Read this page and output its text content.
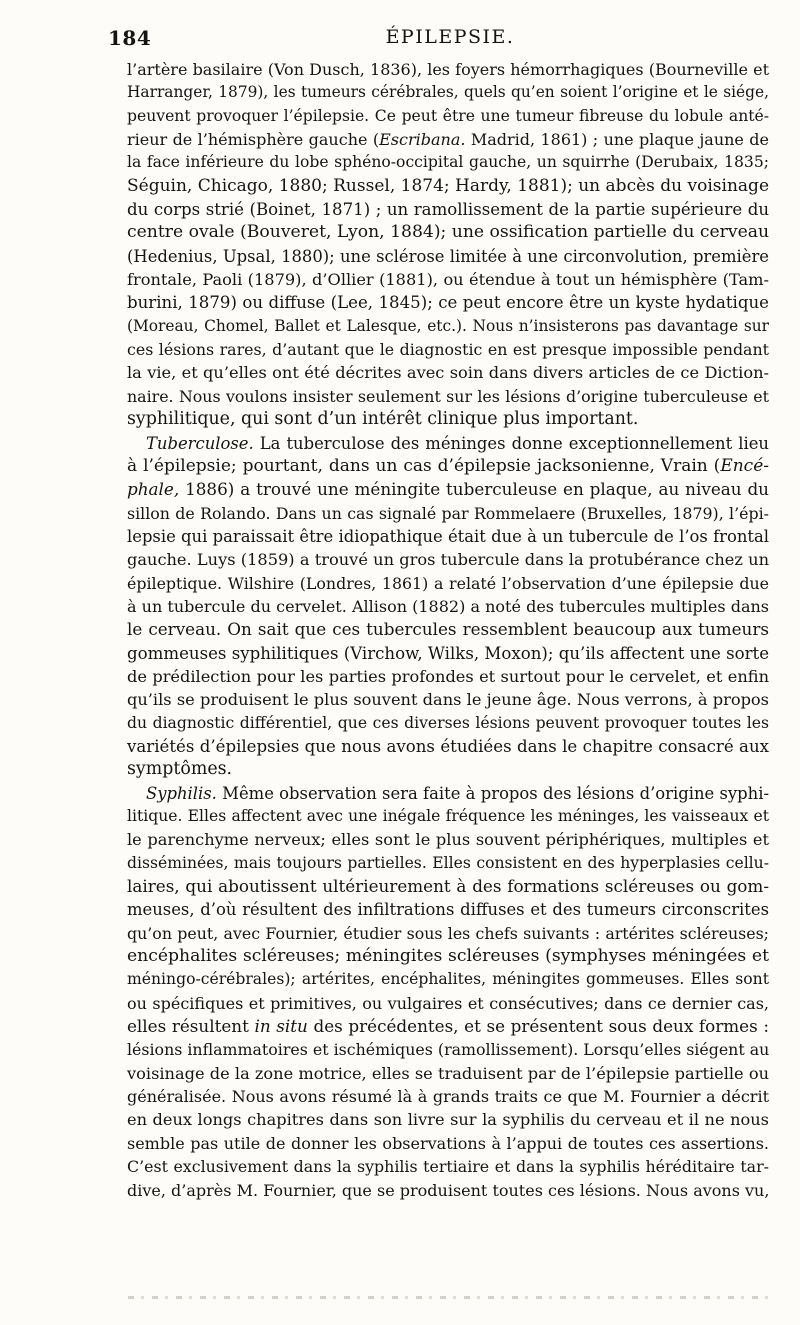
184	ÉPILEPSIE.
l’artère basilaire (Von Dusch, 1836), les foyers hémorrhagiques (Bourneville et
Harranger, 1879), les tumeurs cérébrales, quels qu’en soient l’origine et le siége,
peuvent provoquer l’épilepsie. Ce peut être une tumeur fibreuse du lobule anté-
rieur de l’hémisphère gauche (Escribana. Madrid, 1861) ; une plaque jaune de
la face inférieure du lobe sphéno-occipital gauche, un squirrhe (Derubaix, 1835;
Séguin, Chicago, 1880; Russel, 1874; Hardy, 1881); un abcès du voisinage
du corps strié (Boinet, 1871) ; un ramollissement de la partie supérieure du
centre ovale (Bouveret, Lyon, 1884); une ossification partielle du cerveau
(Hedenius, Upsal, 1880); une sclérose limitée à une circonvolution, première
frontale, Paoli (1879), d’Ollier (1881), ou étendue à tout un hémisphère (Tam-
burini, 1879) ou diffuse (Lee, 1845); ce peut encore être un kyste hydatique
(Moreau, Chomel, Ballet et Lalesque, etc.). Nous n’insisterons pas davantage sur
ces lésions rares, d’autant que le diagnostic en est presque impossible pendant
la vie, et qu’elles ont été décrites avec soin dans divers articles de ce Diction-
naire. Nous voulons insister seulement sur les lésions d’origine tuberculeuse et
syphilitique, qui sont d’un intérêt clinique plus important.
Tuberculose. La tuberculose des méninges donne exceptionnellement lieu
à l’épilepsie; pourtant, dans un cas d’épilepsie jacksonienne, Vrain (Encé-
phale, 1886) a trouvé une méningite tuberculeuse en plaque, au niveau du
sillon de Rolando. Dans un cas signalé par Rommelaere (Bruxelles, 1879), l’épi-
lepsie qui paraissait être idiopathique était due à un tubercule de l’os frontal
gauche. Luys (1859) a trouvé un gros tubercule dans la protubérance chez un
épileptique. Wilshire (Londres, 1861) a relaté l’observation d’une épilepsie due
à un tubercule du cervelet. Allison (1882) a noté des tubercules multiples dans
le cerveau. On sait que ces tubercules ressemblent beaucoup aux tumeurs
gommeuses syphilitiques (Virchow, Wilks, Moxon); qu’ils affectent une sorte
de prédilection pour les parties profondes et surtout pour le cervelet, et enfin
qu’ils se produisent le plus souvent dans le jeune âge. Nous verrons, à propos
du diagnostic différentiel, que ces diverses lésions peuvent provoquer toutes les
variétés d’épilepsies que nous avons étudiées dans le chapitre consacré aux
symptômes.
Syphilis. Même observation sera faite à propos des lésions d’origine syphi-
litique. Elles affectent avec une inégale fréquence les méninges, les vaisseaux et
le parenchyme nerveux; elles sont le plus souvent périphériques, multiples et
disséminées, mais toujours partielles. Elles consistent en des hyperplasies cellu-
laires, qui aboutissent ultérieurement à des formations scléreuses ou gom-
meuses, d’où résultent des infiltrations diffuses et des tumeurs circonscrites
qu’on peut, avec Fournier, étudier sous les chefs suivants : artérites scléreuses;
encéphalites scléreuses; méningites scléreuses (symphyses méningées et
méningo-cérébrales); artérites, encéphalites, méningites gommeuses. Elles sont
ou spécifiques et primitives, ou vulgaires et consécutives; dans ce dernier cas,
elles résultent in situ des précédentes, et se présentent sous deux formes :
lésions inflammatoires et ischémiques (ramollissement). Lorsqu’elles siégent au
voisinage de la zone motrice, elles se traduisent par de l’épilepsie partielle ou
généralisée. Nous avons résumé là à grands traits ce que M. Fournier a décrit
en deux longs chapitres dans son livre sur la syphilis du cerveau et il ne nous
semble pas utile de donner les observations à l’appui de toutes ces assertions.
C’est exclusivement dans la syphilis tertiaire et dans la syphilis héréditaire tar-
dive, d’après M. Fournier, que se produisent toutes ces lésions. Nous avons vu,
